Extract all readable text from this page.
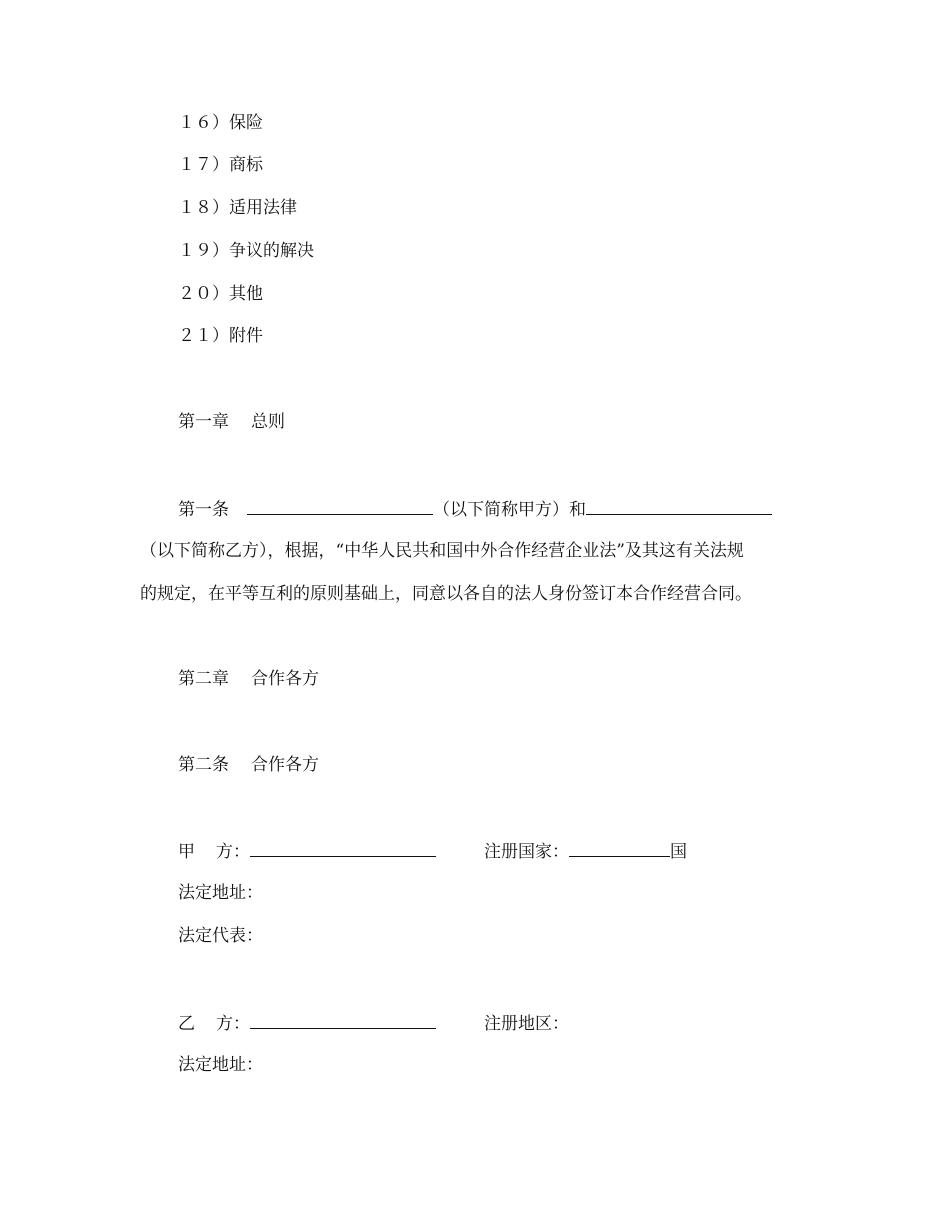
１６）保险
１７）商标
１８）适用法律
１９）争议的解决
２０）其他
２１）附件
第一章 总则
第一条	（以下简称甲方）和
（以下简称乙方），根据，“中华人民共和国中外合作经营企业法”及其这有关法规
的规定，在平等互利的原则基础上，同意以各自的法人身份签订本合作经营合同。
第二章 合作各方
第二条 合作各方
甲 方：	注册国家：	国
法定地址：
法定代表：
乙 方：	注册地区：
法定地址：
